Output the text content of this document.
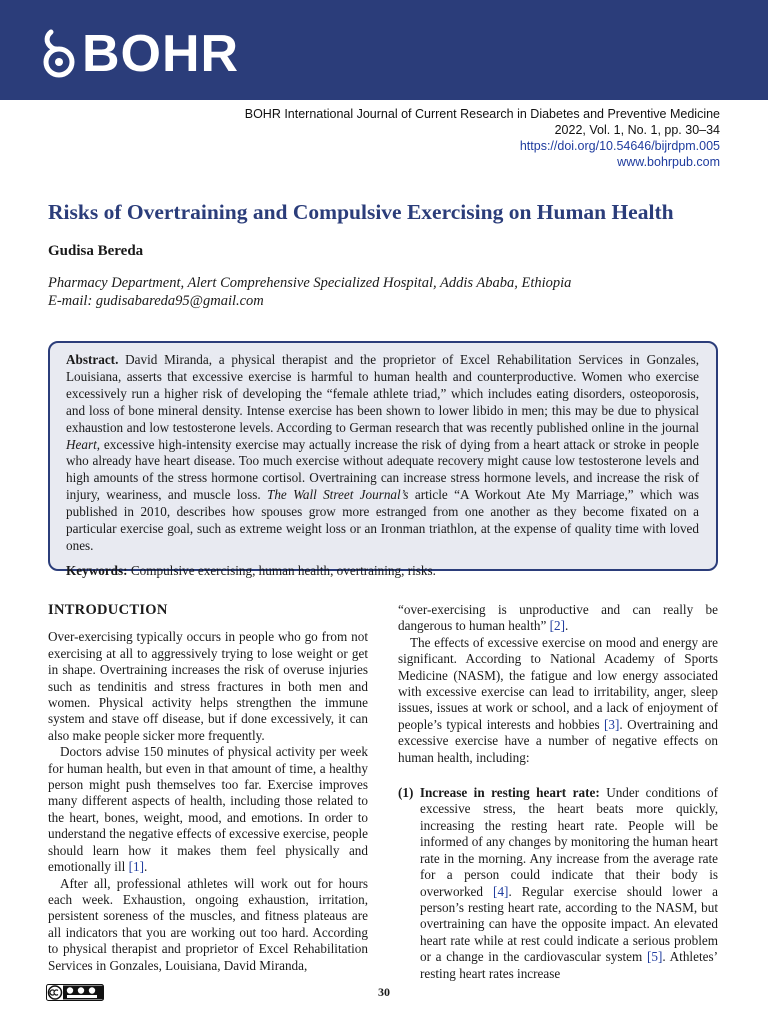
BOHR
BOHR International Journal of Current Research in Diabetes and Preventive Medicine
2022, Vol. 1, No. 1, pp. 30–34
https://doi.org/10.54646/bijrdpm.005
www.bohrpub.com
Risks of Overtraining and Compulsive Exercising on Human Health
Gudisa Bereda
Pharmacy Department, Alert Comprehensive Specialized Hospital, Addis Ababa, Ethiopia
E-mail: gudisabareda95@gmail.com
Abstract. David Miranda, a physical therapist and the proprietor of Excel Rehabilitation Services in Gonzales, Louisiana, asserts that excessive exercise is harmful to human health and counterproductive. Women who exercise excessively run a higher risk of developing the “female athlete triad,” which includes eating disorders, osteoporosis, and loss of bone mineral density. Intense exercise has been shown to lower libido in men; this may be due to physical exhaustion and low testosterone levels. According to German research that was recently published online in the journal Heart, excessive high-intensity exercise may actually increase the risk of dying from a heart attack or stroke in people who already have heart disease. Too much exercise without adequate recovery might cause low testosterone levels and high amounts of the stress hormone cortisol. Overtraining can increase stress hormone levels, and increase the risk of injury, weariness, and muscle loss. The Wall Street Journal’s article “A Workout Ate My Marriage,” which was published in 2010, describes how spouses grow more estranged from one another as they become fixated on a particular exercise goal, such as extreme weight loss or an Ironman triathlon, at the expense of quality time with loved ones.
Keywords: Compulsive exercising, human health, overtraining, risks.
INTRODUCTION

Over-exercising typically occurs in people who go from not exercising at all to aggressively trying to lose weight or get in shape. Overtraining increases the risk of overuse injuries such as tendinitis and stress fractures in both men and women. Physical activity helps strengthen the immune system and stave off disease, but if done excessively, it can also make people sicker more frequently.

Doctors advise 150 minutes of physical activity per week for human health, but even in that amount of time, a healthy person might push themselves too far. Exercise improves many different aspects of health, including those related to the heart, bones, weight, mood, and emotions. In order to understand the negative effects of excessive exercise, people should learn how it makes them feel physically and emotionally ill [1].

After all, professional athletes will work out for hours each week. Exhaustion, ongoing exhaustion, irritation, persistent soreness of the muscles, and fitness plateaus are all indicators that you are working out too hard. According to physical therapist and proprietor of Excel Rehabilitation Services in Gonzales, Louisiana, David Miranda,

“over-exercising is unproductive and can really be dangerous to human health” [2].

The effects of excessive exercise on mood and energy are significant. According to National Academy of Sports Medicine (NASM), the fatigue and low energy associated with excessive exercise can lead to irritability, anger, sleep issues, issues at work or school, and a lack of enjoyment of people’s typical interests and hobbies [3]. Overtraining and excessive exercise have a number of negative effects on human health, including:

(1) Increase in resting heart rate: Under conditions of excessive stress, the heart beats more quickly, increasing the resting heart rate. People will be informed of any changes by monitoring the human heart rate in the morning. Any increase from the average rate for a person could indicate that their body is overworked [4]. Regular exercise should lower a person’s resting heart rate, according to the NASM, but overtraining can have the opposite impact. An elevated heart rate while at rest could indicate a serious problem or a change in the cardiovascular system [5]. Athletes’ resting heart rates increase
30
